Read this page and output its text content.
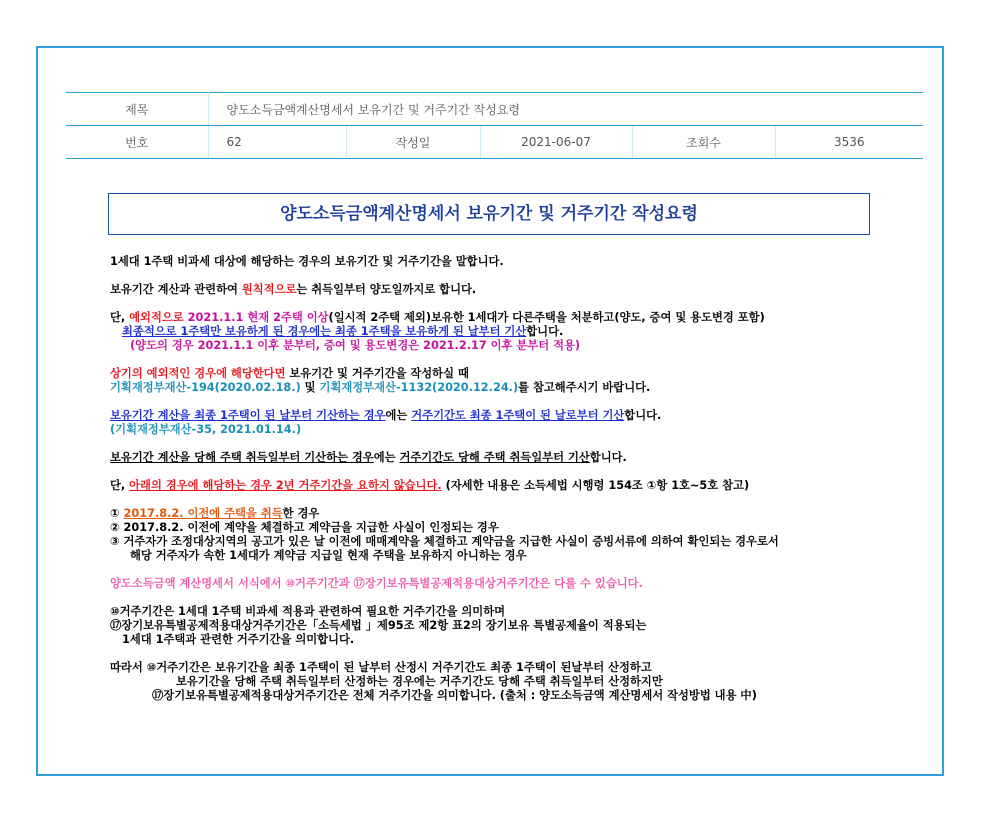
제목	양도소득금액계산명세서 보유기간 및 거주기간 작성요령				
번호	62	작성일	2021-06-07	조회수	3536
양도소득금액계산명세서 보유기간 및 거주기간 작성요령

1세대 1주택 비과세 대상에 해당하는 경우의 보유기간 및 거주기간을 말합니다.

보유기간 계산과 관련하여 원칙적으로는 취득일부터 양도일까지로 합니다.

단, 예외적으로 2021.1.1 현재 2주택 이상(일시적 2주택 제외)보유한 1세대가 다른주택을 처분하고(양도, 증여 및 용도변경 포함)

최종적으로 1주택만 보유하게 된 경우에는 최종 1주택을 보유하게 된 날부터 기산합니다.

(양도의 경우 2021.1.1 이후 분부터, 증여 및 용도변경은 2021.2.17 이후 분부터 적용)

상기의 예외적인 경우에 해당한다면 보유기간 및 거주기간을 작성하실 때

기획재정부재산-194(2020.02.18.) 및 기획재정부재산-1132(2020.12.24.)를 참고해주시기 바랍니다.

보유기간 계산을 최종 1주택이 된 날부터 기산하는 경우에는 거주기간도 최종 1주택이 된 날로부터 기산합니다.

(기획재정부재산-35, 2021.01.14.)

보유기간 계산을 당해 주택 취득일부터 기산하는 경우에는 거주기간도 당해 주택 취득일부터 기산합니다.

단, 아래의 경우에 해당하는 경우 2년 거주기간을 요하지 않습니다. (자세한 내용은 소득세법 시행령 154조 ①항 1호~5호 참고)

① 2017.8.2. 이전에 주택을 취득한 경우

② 2017.8.2. 이전에 계약을 체결하고 계약금을 지급한 사실이 인정되는 경우

③ 거주자가 조정대상지역의 공고가 있은 날 이전에 매매계약을 체결하고 계약금을 지급한 사실이 증빙서류에 의하여 확인되는 경우로서

해당 거주자가 속한 1세대가 계약금 지급일 현재 주택을 보유하지 아니하는 경우

양도소득금액 계산명세서 서식에서 ⑩거주기간과 ⑰장기보유특별공제적용대상거주기간은 다를 수 있습니다.

⑩거주기간은 1세대 1주택 비과세 적용과 관련하여 필요한 거주기간을 의미하며

⑰장기보유특별공제적용대상거주기간은「소득세법 」제95조 제2항 표2의 장기보유 특별공제율이 적용되는

1세대 1주택과 관련한 거주기간을 의미합니다.

따라서 ⑩거주기간은 보유기간을 최종 1주택이 된 날부터 산정시 거주기간도 최종 1주택이 된날부터 산정하고

보유기간을 당해 주택 취득일부터 산정하는 경우에는 거주기간도 당해 주택 취득일부터 산정하지만

⑰장기보유특별공제적용대상거주기간은 전체 거주기간을 의미합니다. (출처 : 양도소득금액 계산명세서 작성방법 내용 中)
